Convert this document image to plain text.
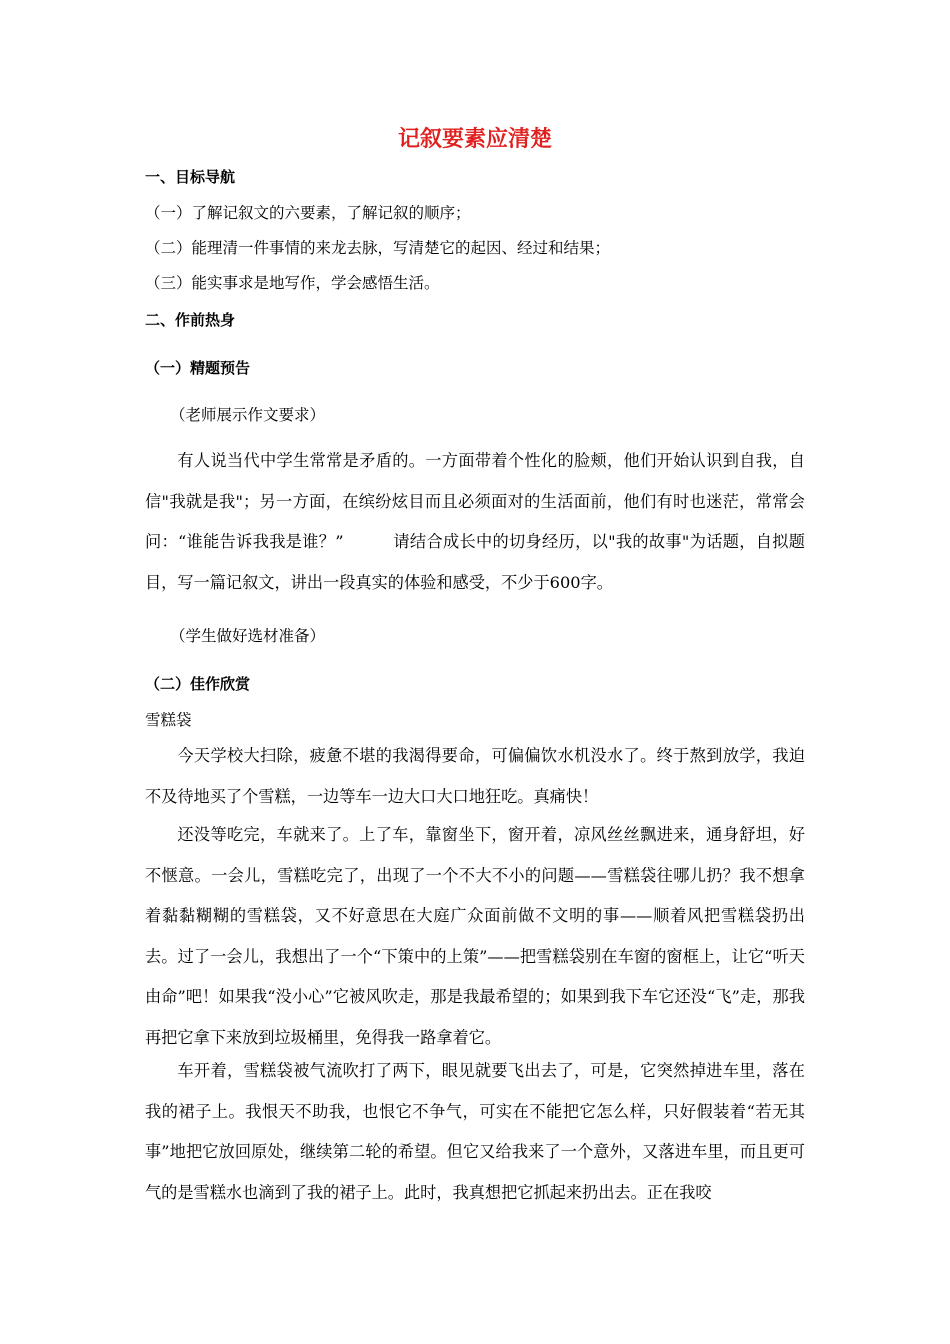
记叙要素应清楚
一、目标导航
（一）了解记叙文的六要素，了解记叙的顺序；
（二）能理清一件事情的来龙去脉，写清楚它的起因、经过和结果；
（三）能实事求是地写作，学会感悟生活。
二、作前热身
（一）精题预告
（老师展示作文要求）
有人说当代中学生常常是矛盾的。一方面带着个性化的脸颊，他们开始认识到自我，自信"我就是我"；另一方面，在缤纷炫目而且必须面对的生活面前，他们有时也迷茫，常常会问：“谁能告诉我我是谁？”　　　请结合成长中的切身经历，以"我的故事"为话题，自拟题目，写一篇记叙文，讲出一段真实的体验和感受，不少于600字。
（学生做好选材准备）
（二）佳作欣赏
雪糕袋
今天学校大扫除，疲惫不堪的我渴得要命，可偏偏饮水机没水了。终于熬到放学，我迫不及待地买了个雪糕，一边等车一边大口大口地狂吃。真痛快！
还没等吃完，车就来了。上了车，靠窗坐下，窗开着，凉风丝丝飘进来，通身舒坦，好不惬意。一会儿，雪糕吃完了，出现了一个不大不小的问题——雪糕袋往哪儿扔？我不想拿着黏黏糊糊的雪糕袋，又不好意思在大庭广众面前做不文明的事——顺着风把雪糕袋扔出去。过了一会儿，我想出了一个“下策中的上策”——把雪糕袋别在车窗的窗框上，让它“听天由命”吧！如果我“没小心”它被风吹走，那是我最希望的；如果到我下车它还没“飞”走，那我再把它拿下来放到垃圾桶里，免得我一路拿着它。
车开着，雪糕袋被气流吹打了两下，眼见就要飞出去了，可是，它突然掉进车里，落在我的裙子上。我恨天不助我，也恨它不争气，可实在不能把它怎么样，只好假装着“若无其事”地把它放回原处，继续第二轮的希望。但它又给我来了一个意外，又落进车里，而且更可气的是雪糕水也滴到了我的裙子上。此时，我真想把它抓起来扔出去。正在我咬
